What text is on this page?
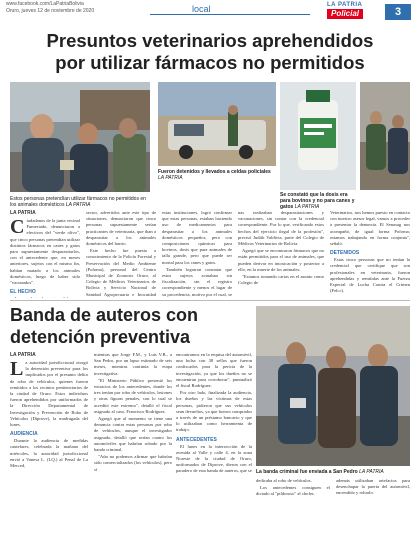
www.facebook.com/LaPatriaBolivia
Oruro, jueves 12 de noviembre de 2020	local	LA PATRIA
Policial	3
Presuntos veterinarios aprehendidos
por utilizar fármacos no permitidos
Estos personas pretendían utilizar fármacos no permitidos en los animales domésticos LA PATRIA
Fueron detenidos y llevados a celdas policiales LA PATRIA
Se constató que la dosis era para bovinos y no para canes y gatos LA PATRIA
LA PATRIA
C iudadanos de la junta vecinal Fumeriado, denunciaron a efectivos del "verde olivo", que cinco personas pretendían utilizar distintos fármacos en canes y gatos para supuestamente desparasitarlos, con el antecedente que, en meses anteriores, sujetos con el mismo fin, habían matado a los animales domésticos, luego de haber sido "vacunados".

EL HECHO

sector, advertidos ante este tipo de situaciones, denunciaron que cinco personas supuestamente serían practicantes de veterinaria, que iban a desparasitar a los animales domésticos del barrio.

Este hecho fue puesto a conocimiento de la Policía Forestal y Preservación del Medio Ambiente (Pofoma), personal del Centro Municipal de Zoonosis Oruro, al Colegio de Médicos Veterinarios de Bolivia y Servicio Nacional de Sanidad Agropecuaria e Inocuidad

estas instituciones, logró confirmar que estas personas, estaban haciendo uso de medicamentos para desparasitar a los animales domésticos pequeños, pero con composiciones químicas para bovinos, dosis que para animales de talla grande, pero que puede ser mortal para los canes y gatos.

También lograron constatar que estos sujetos actuaban sin fiscalización, sin el registro correspondiente y menos el lugar de su procedencia, motivo por el cual, se

nas realizaban desparasitaciones y vacunaciones, sin contar con la credencial correspondiente. Por lo que, verificando estos hechos del ejercicio ilegal de la profesión", precisó Judith Valdivia, parte del Colegio de Médicos Veterinarios de Bolivia.

Agregó que se encontraron fármacos que no están permitidos para el uso de animales, que pueden derivar en intoxicación y posterior a ello, en la muerte de los animales.

"Estamos tomando cartas en el asunto como Colegio de

Veterinarios, nos hemos puesto en contacto con nuestro asesor legal, vamos a proceder a presentar la denuncia. El Senasag nos acompañó, de igual forma Pofoma; estamos trabajando en forma conjunta", señaló.

DETENIDOS

Estas cinco personas que no tenían la credencial que certifique que son profesionales en veterinaria, fueron aprehendidas y remitidas ante la Fuerza Especial de Lucha Contra el Crimen (Felcc).

Banda de auteros con
detención preventiva
La banda criminal fue enviada a San Pedro LA PATRIA
LA PATRIA
L a autoridad jurisdiccional otorgó la detención preventiva para los implicados por el presunto delito de robo de vehículos, quienes fueron remitidos a los recintos penitenciarios de la ciudad de Oruro. Estos individuos fueron aprehendidos por uniformados de la Dirección Departamental de Investigación y Prevención de Robo de Vehículos (Diprove), la madrugada del lunes.

AUDIENCIA

Durante la audiencia de medidas cautelares, celebrada la mañana del miércoles, la autoridad jurisdiccional envió a Vanesa L. (LQ.) al Penal de La Merced,

mientras que Jorge F.M., y Luis V.B., a San Pedro, por un lapso estimado de seis meses, mientras continúa la etapa investigativa.

"El Ministerio Público presentó los extractos de los antecedentes, donde los tres tenían por robo de vehículos, lesiones y otras figuras penales, con lo cual se acreditó este extremo", detalló el fiscal asignado al caso, Francisco Rodríguez.

Agregó que al momento se tiene una denuncia contra estas personas por robo de vehículos, aunque el investigador asignado, detalló que serían cuatro los automóviles que habrían robado por la banda criminal.

"Aún no podemos afirmar que habrían sido comercializados (los vehículos), pero sí

encontramos en la requisa del automóvil, una bolsa con 38 sellos que fueron confiscados para la pericia de la investigación, ya que los dueños no se encuentran para corroborar", puntualizó el fiscal Rodríguez.

Por otro lado, finalizada la audiencia, los dueños y las víctimas de estas personas, pidieron que sus vehículos sean devueltos, ya que fueron comprados a través de un préstamo bancario y que lo utilizaban como herramienta de trabajo.

ANTECEDENTES

El lunes en la intersección de la avenida al Valle y calle 4, en la zona Noreste de la ciudad de Oruro, uniformados de Diprove, dieron con el paradero de esta banda de auteros, que se

dedicaba al robo de vehículos.

Los antecedentes consiguen el dictado al "pildoroso" al chofer,

además utilizaban artefactos para desenchapar la puerta del automóvil, encendido y robarlo.
